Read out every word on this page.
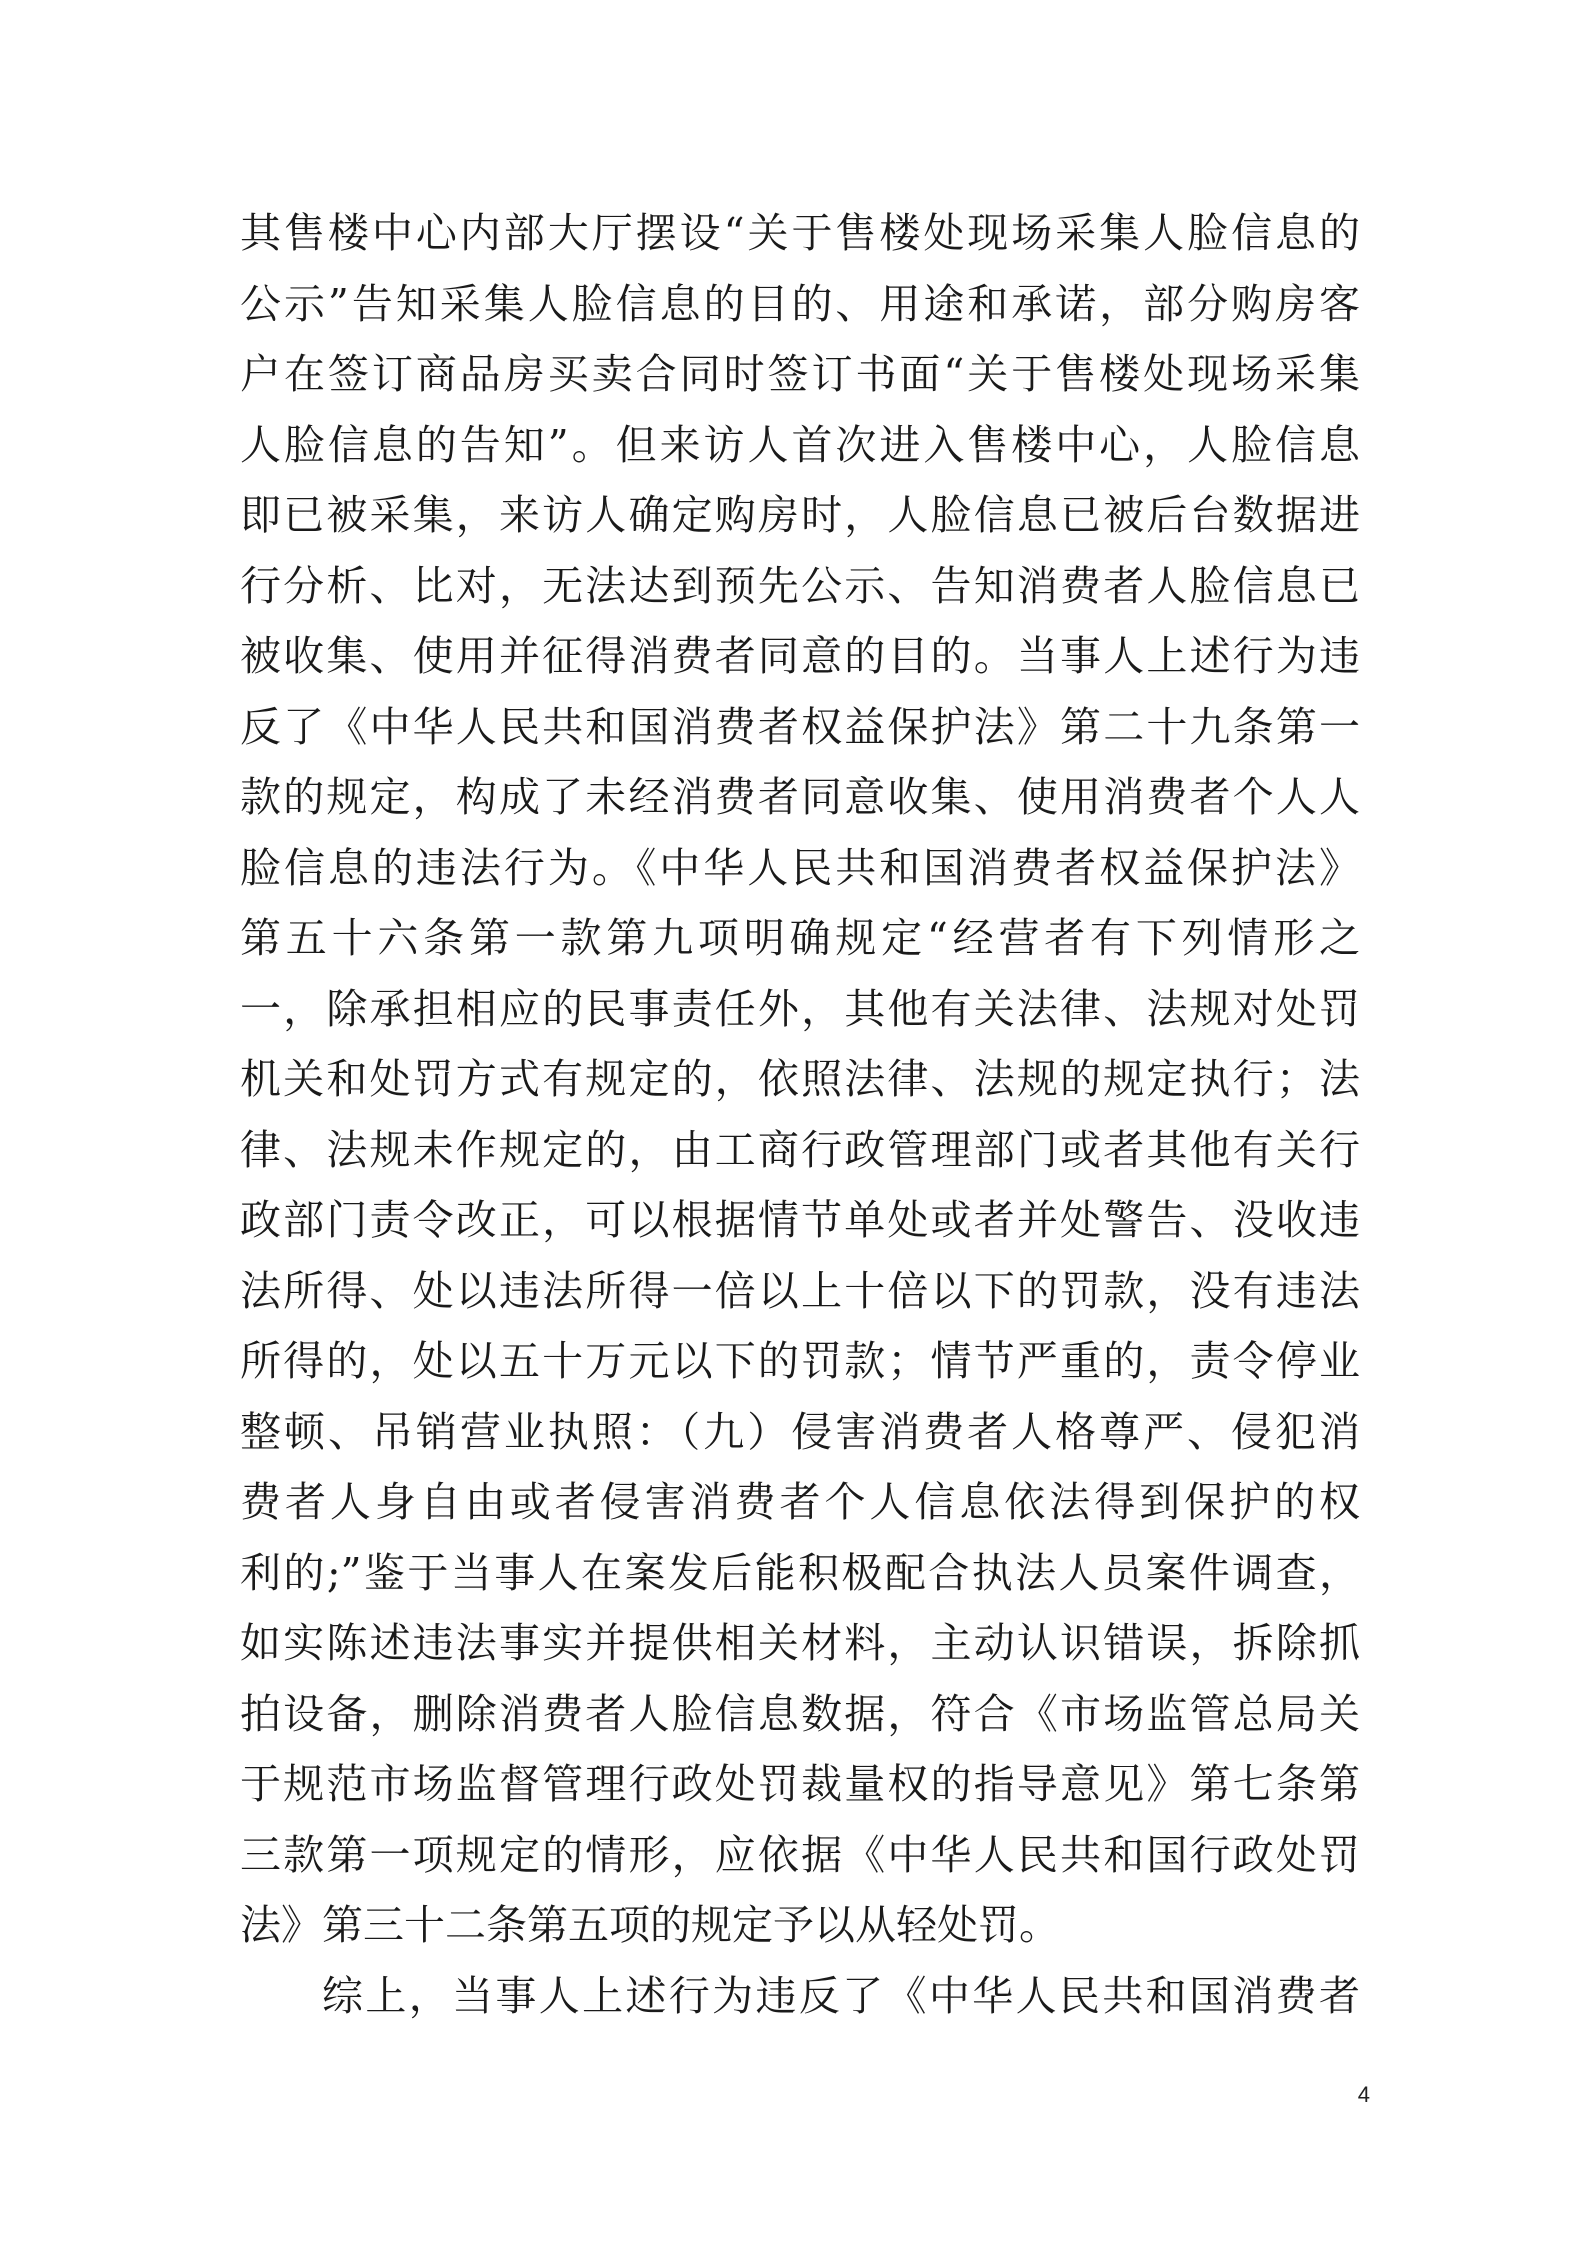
其售楼中心内部大厅摆设“关于售楼处现场采集人脸信息的
公示”告知采集人脸信息的目的、用途和承诺，部分购房客
户在签订商品房买卖合同时签订书面“关于售楼处现场采集
人脸信息的告知”。但来访人首次进入售楼中心，人脸信息
即已被采集，来访人确定购房时，人脸信息已被后台数据进
行分析、比对，无法达到预先公示、告知消费者人脸信息已
被收集、使用并征得消费者同意的目的。当事人上述行为违
反了《中华人民共和国消费者权益保护法》第二十九条第一
款的规定，构成了未经消费者同意收集、使用消费者个人人
脸信息的违法行为。《中华人民共和国消费者权益保护法》
第五十六条第一款第九项明确规定“经营者有下列情形之
一，除承担相应的民事责任外，其他有关法律、法规对处罚
机关和处罚方式有规定的，依照法律、法规的规定执行；法
律、法规未作规定的，由工商行政管理部门或者其他有关行
政部门责令改正，可以根据情节单处或者并处警告、没收违
法所得、处以违法所得一倍以上十倍以下的罚款，没有违法
所得的，处以五十万元以下的罚款；情节严重的，责令停业
整顿、吊销营业执照：（九）侵害消费者人格尊严、侵犯消
费者人身自由或者侵害消费者个人信息依法得到保护的权
利的;”鉴于当事人在案发后能积极配合执法人员案件调查，
如实陈述违法事实并提供相关材料，主动认识错误，拆除抓
拍设备，删除消费者人脸信息数据，符合《市场监管总局关
于规范市场监督管理行政处罚裁量权的指导意见》第七条第
三款第一项规定的情形，应依据《中华人民共和国行政处罚
法》第三十二条第五项的规定予以从轻处罚。
综上，当事人上述行为违反了《中华人民共和国消费者
4
